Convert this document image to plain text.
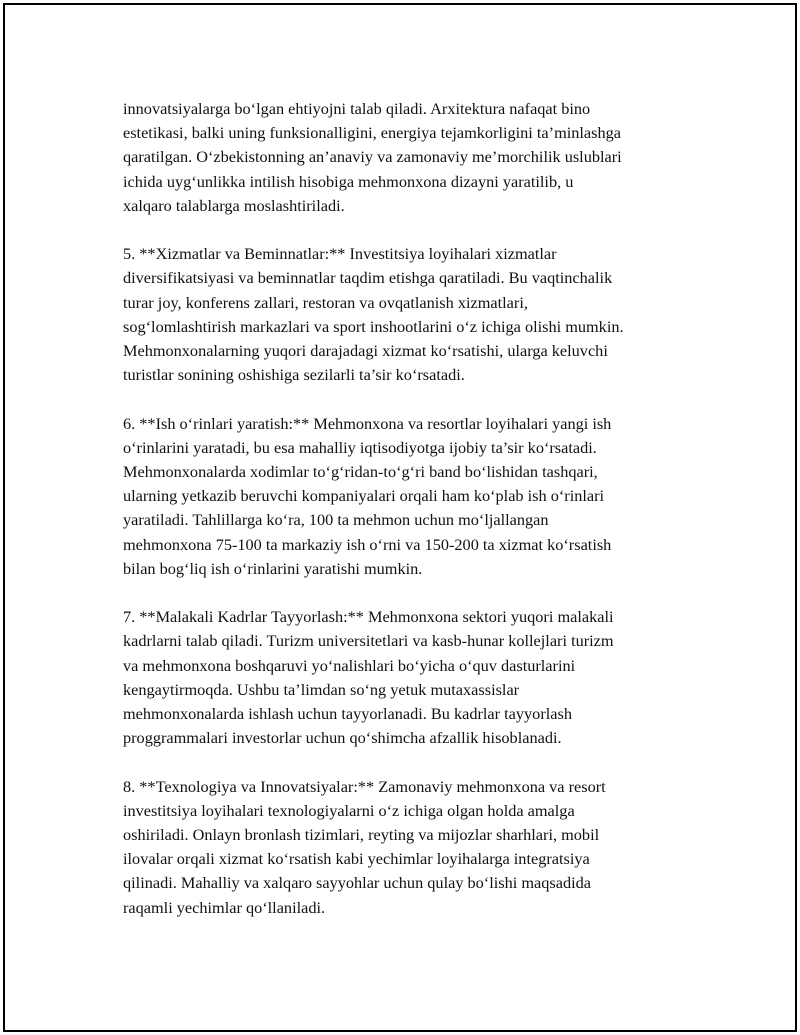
innovatsiyalarga bo‘lgan ehtiyojni talab qiladi. Arxitektura nafaqat bino
estetikasi, balki uning funksionalligini, energiya tejamkorligini ta’minlashga
qaratilgan. O‘zbekistonning an’anaviy va zamonaviy me’morchilik uslublari
ichida uyg‘unlikka intilish hisobiga mehmonxona dizayni yaratilib, u
xalqaro talablarga moslashtiriladi.

5. **Xizmatlar va Beminnatlar:** Investitsiya loyihalari xizmatlar
diversifikatsiyasi va beminnatlar taqdim etishga qaratiladi. Bu vaqtinchalik
turar joy, konferens zallari, restoran va ovqatlanish xizmatlari,
sog‘lomlashtirish markazlari va sport inshootlarini o‘z ichiga olishi mumkin.
Mehmonxonalarning yuqori darajadagi xizmat ko‘rsatishi, ularga keluvchi
turistlar sonining oshishiga sezilarli ta’sir ko‘rsatadi.

6. **Ish o‘rinlari yaratish:** Mehmonxona va resortlar loyihalari yangi ish
o‘rinlarini yaratadi, bu esa mahalliy iqtisodiyotga ijobiy ta’sir ko‘rsatadi.
Mehmonxonalarda xodimlar to‘g‘ridan-to‘g‘ri band bo‘lishidan tashqari,
ularning yetkazib beruvchi kompaniyalari orqali ham ko‘plab ish o‘rinlari
yaratiladi. Tahlillarga ko‘ra, 100 ta mehmon uchun mo‘ljallangan
mehmonxona 75-100 ta markaziy ish o‘rni va 150-200 ta xizmat ko‘rsatish
bilan bog‘liq ish o‘rinlarini yaratishi mumkin.

7. **Malakali Kadrlar Tayyorlash:** Mehmonxona sektori yuqori malakali
kadrlarni talab qiladi. Turizm universitetlari va kasb-hunar kollejlari turizm
va mehmonxona boshqaruvi yo‘nalishlari bo‘yicha o‘quv dasturlarini
kengaytirmoqda. Ushbu ta’limdan so‘ng yetuk mutaxassislar
mehmonxonalarda ishlash uchun tayyorlanadi. Bu kadrlar tayyorlash
proggrammalari investorlar uchun qo‘shimcha afzallik hisoblanadi.

8. **Texnologiya va Innovatsiyalar:** Zamonaviy mehmonxona va resort
investitsiya loyihalari texnologiyalarni o‘z ichiga olgan holda amalga
oshiriladi. Onlayn bronlash tizimlari, reyting va mijozlar sharhlari, mobil
ilovalar orqali xizmat ko‘rsatish kabi yechimlar loyihalarga integratsiya
qilinadi. Mahalliy va xalqaro sayyohlar uchun qulay bo‘lishi maqsadida
raqamli yechimlar qo‘llaniladi.
